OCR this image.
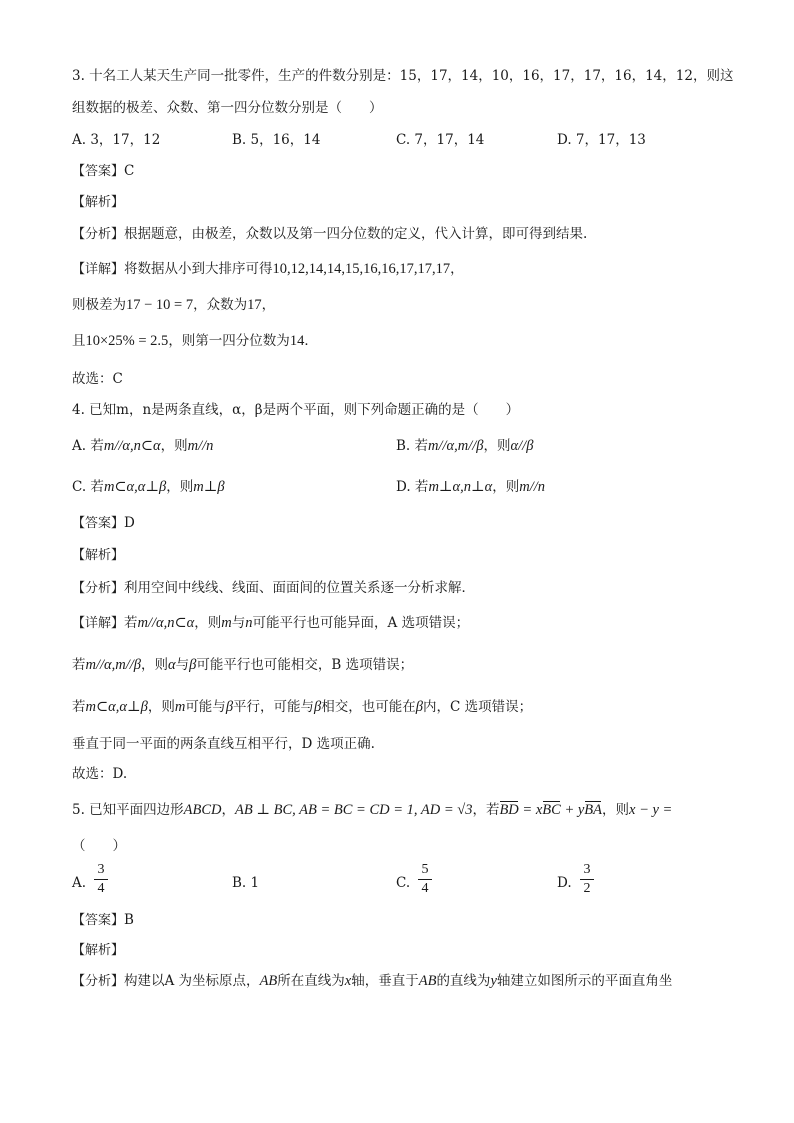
3. 十名工人某天生产同一批零件，生产的件数分别是：15，17，14，10，16，17，17，16，14，12，则这
组数据的极差、众数、第一四分位数分别是（　　）
A. 3，17，12	B. 5，16，14	C. 7，17，14	D. 7，17，13
【答案】C
【解析】
【分析】根据题意，由极差，众数以及第一四分位数的定义，代入计算，即可得到结果.
【详解】将数据从小到大排序可得10,12,14,14,15,16,16,17,17,17，
则极差为17 − 10 = 7，众数为17，
且10×25% = 2.5，则第一四分位数为14．
故选：C
4. 已知m，n是两条直线，α，β是两个平面，则下列命题正确的是（　　）
A. 若m//α,n⊂α，则m//n	B. 若m//α,m//β，则α//β
C. 若m⊂α,α⊥β，则m⊥β	D. 若m⊥α,n⊥α，则m//n
【答案】D
【解析】
【分析】利用空间中线线、线面、面面间的位置关系逐一分析求解．
【详解】若m//α,n⊂α，则m与n可能平行也可能异面，A 选项错误；
若m//α,m//β，则α与β可能平行也可能相交，B 选项错误；
若m⊂α,α⊥β，则m可能与β平行，可能与β相交，也可能在β内，C 选项错误；
垂直于同一平面的两条直线互相平行，D 选项正确.
故选：D.
5. 已知平面四边形ABCD，AB ⊥ BC, AB = BC = CD = 1, AD = √3，若BD = xBC + yBA，则x − y =
（　　）
A.
3
4	B. 1	C.
5
4	D.
3
2
【答案】B
【解析】
【分析】构建以A 为坐标原点，AB所在直线为x轴，垂直于AB的直线为y轴建立如图所示的平面直角坐
